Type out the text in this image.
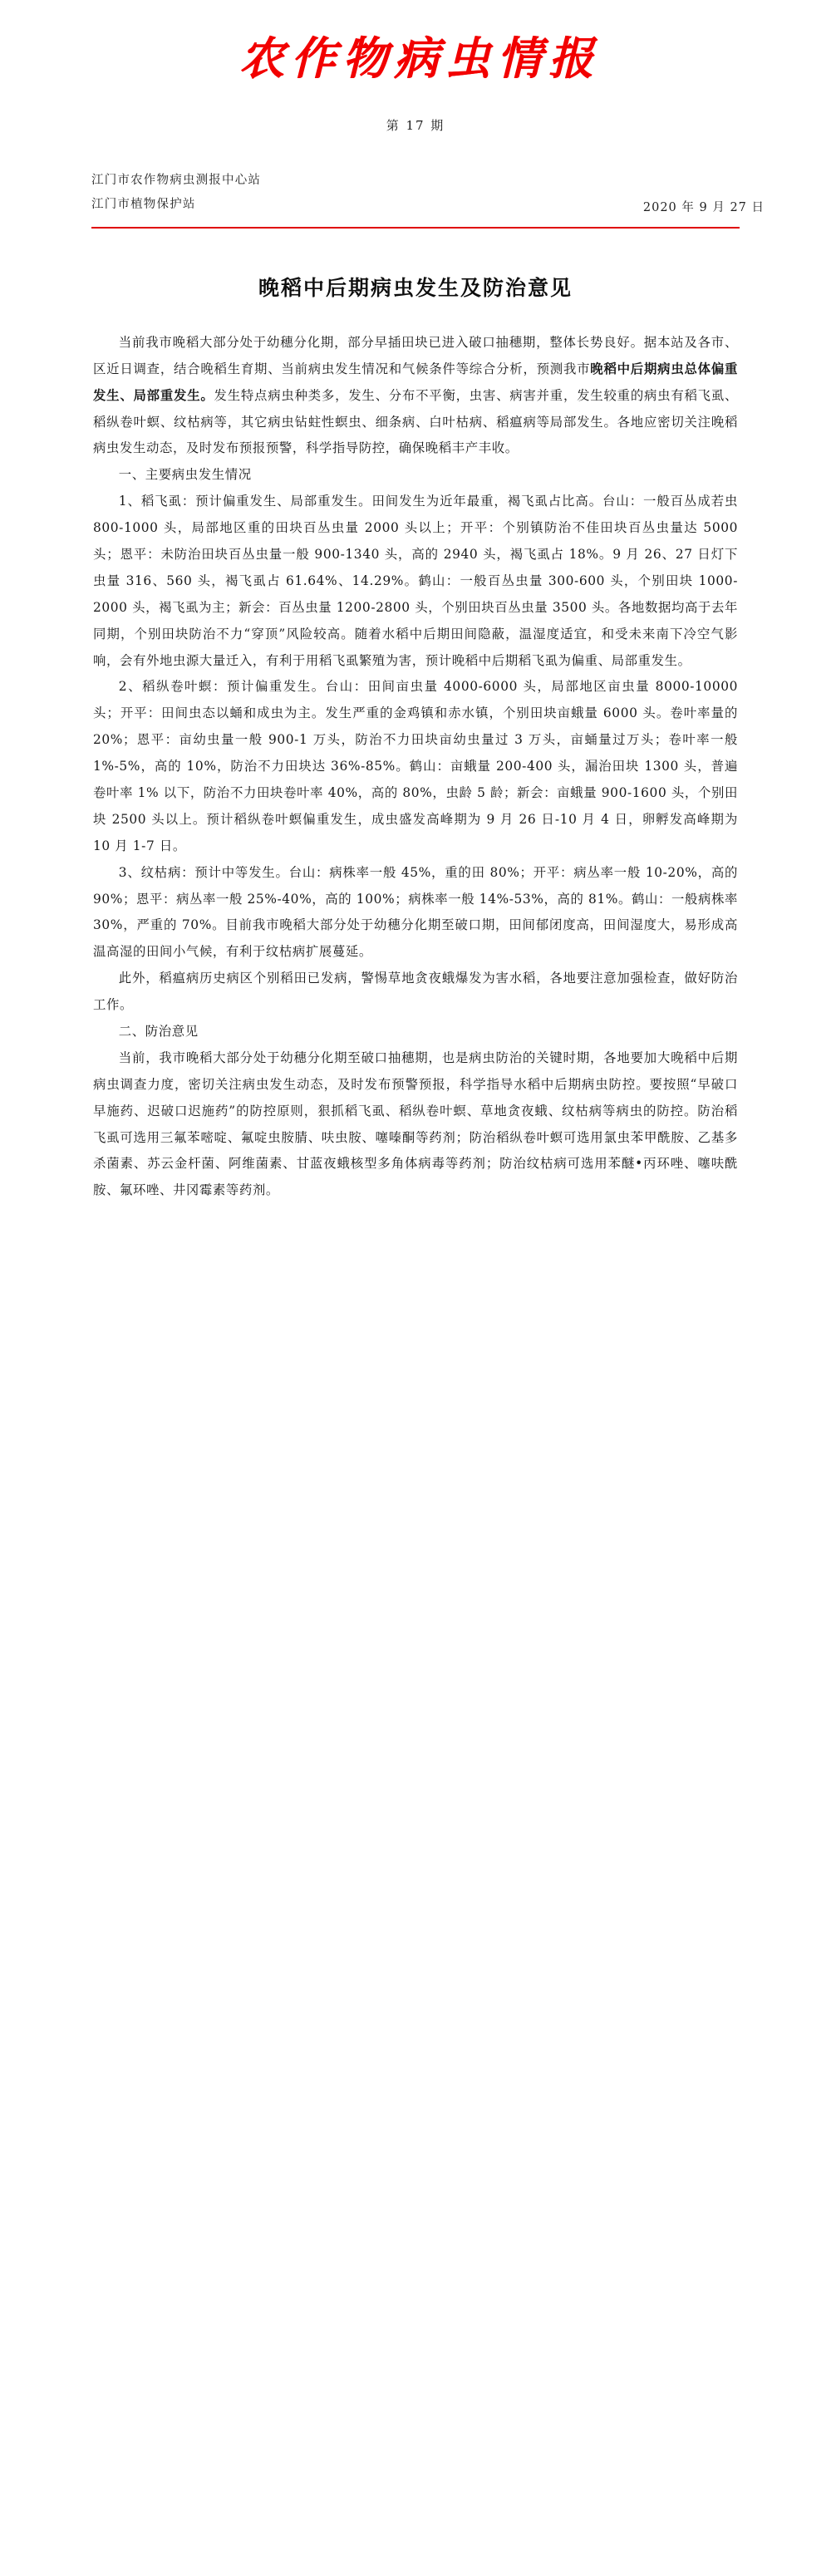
农作物病虫情报
第 17 期
江门市农作物病虫测报中心站
江门市植物保护站	2020 年 9 月 27 日
晚稻中后期病虫发生及防治意见

当前我市晚稻大部分处于幼穗分化期，部分早插田块已进入破口抽穗期，整体长势良好。据本站及各市、区近日调查，结合晚稻生育期、当前病虫发生情况和气候条件等综合分析，预测我市晚稻中后期病虫总体偏重发生、局部重发生。发生特点病虫种类多，发生、分布不平衡，虫害、病害并重，发生较重的病虫有稻飞虱、稻纵卷叶螟、纹枯病等，其它病虫钻蛀性螟虫、细条病、白叶枯病、稻瘟病等局部发生。各地应密切关注晚稻病虫发生动态，及时发布预报预警，科学指导防控，确保晚稻丰产丰收。

一、主要病虫发生情况

1、稻飞虱：预计偏重发生、局部重发生。田间发生为近年最重，褐飞虱占比高。台山：一般百丛成若虫 800-1000 头，局部地区重的田块百丛虫量 2000 头以上；开平：个别镇防治不佳田块百丛虫量达 5000 头；恩平：未防治田块百丛虫量一般 900-1340 头，高的 2940 头，褐飞虱占 18%。9 月 26、27 日灯下虫量 316、560 头，褐飞虱占 61.64%、14.29%。鹤山：一般百丛虫量 300-600 头，个别田块 1000-2000 头，褐飞虱为主；新会：百丛虫量 1200-2800 头，个别田块百丛虫量 3500 头。各地数据均高于去年同期，个别田块防治不力“穿顶”风险较高。随着水稻中后期田间隐蔽，温湿度适宜，和受未来南下冷空气影响，会有外地虫源大量迁入，有利于用稻飞虱繁殖为害，预计晚稻中后期稻飞虱为偏重、局部重发生。

2、稻纵卷叶螟：预计偏重发生。台山：田间亩虫量 4000-6000 头，局部地区亩虫量 8000-10000 头；开平：田间虫态以蛹和成虫为主。发生严重的金鸡镇和赤水镇，个别田块亩蛾量 6000 头。卷叶率量的 20%；恩平：亩幼虫量一般 900-1 万头，防治不力田块亩幼虫量过 3 万头，亩蛹量过万头；卷叶率一般 1%-5%，高的 10%，防治不力田块达 36%-85%。鹤山：亩蛾量 200-400 头，漏治田块 1300 头，普遍卷叶率 1% 以下，防治不力田块卷叶率 40%，高的 80%，虫龄 5 龄；新会：亩蛾量 900-1600 头，个别田块 2500 头以上。预计稻纵卷叶螟偏重发生，成虫盛发高峰期为 9 月 26 日-10 月 4 日，卵孵发高峰期为 10 月 1-7 日。

3、纹枯病：预计中等发生。台山：病株率一般 45%，重的田 80%；开平：病丛率一般 10-20%，高的 90%；恩平：病丛率一般 25%-40%，高的 100%；病株率一般 14%-53%，高的 81%。鹤山：一般病株率 30%，严重的 70%。目前我市晚稻大部分处于幼穗分化期至破口期，田间郁闭度高，田间湿度大，易形成高温高湿的田间小气候，有利于纹枯病扩展蔓延。

此外，稻瘟病历史病区个别稻田已发病，警惕草地贪夜蛾爆发为害水稻，各地要注意加强检查，做好防治工作。

二、防治意见

当前，我市晚稻大部分处于幼穗分化期至破口抽穗期，也是病虫防治的关键时期，各地要加大晚稻中后期病虫调查力度，密切关注病虫发生动态，及时发布预警预报，科学指导水稻中后期病虫防控。要按照“早破口早施药、迟破口迟施药”的防控原则，狠抓稻飞虱、稻纵卷叶螟、草地贪夜蛾、纹枯病等病虫的防控。防治稻飞虱可选用三氟苯嘧啶、氟啶虫胺腈、呋虫胺、噻嗪酮等药剂；防治稻纵卷叶螟可选用氯虫苯甲酰胺、乙基多杀菌素、苏云金杆菌、阿维菌素、甘蓝夜蛾核型多角体病毒等药剂；防治纹枯病可选用苯醚•丙环唑、噻呋酰胺、氟环唑、井冈霉素等药剂。
